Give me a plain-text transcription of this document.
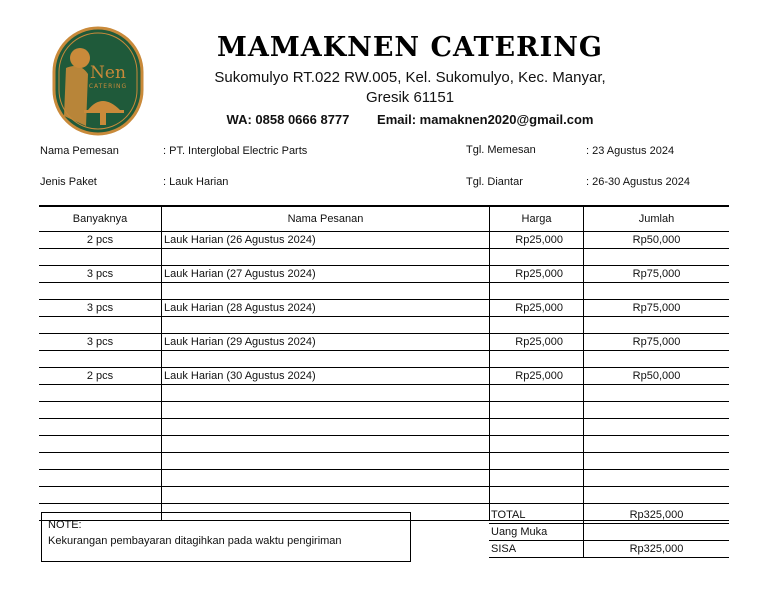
Nen
CATERING
MAMAKNEN CATERING
Sukomulyo RT.022 RW.005, Kel. Sukomulyo, Kec. Manyar,
Gresik 61151
WA: 0858 0666 8777 Email: mamaknen2020@gmail.com
Nama Pemesan	: PT. Interglobal Electric Parts
Jenis Paket	: Lauk Harian
Tgl. Memesan	: 23 Agustus 2024
Tgl. Diantar	: 26-30 Agustus 2024
Banyaknya	Nama Pesanan	Harga	Jumlah
2 pcs	Lauk Harian (26 Agustus 2024)	Rp25,000	Rp50,000

3 pcs	Lauk Harian (27 Agustus 2024)	Rp25,000	Rp75,000

3 pcs	Lauk Harian (28 Agustus 2024)	Rp25,000	Rp75,000

3 pcs	Lauk Harian (29 Agustus 2024)	Rp25,000	Rp75,000

2 pcs	Lauk Harian (30 Agustus 2024)	Rp25,000	Rp50,000

NOTE:
Kekurangan pembayaran ditagihkan pada waktu pengiriman
TOTAL	Rp325,000
Uang Muka	
SISA	Rp325,000
